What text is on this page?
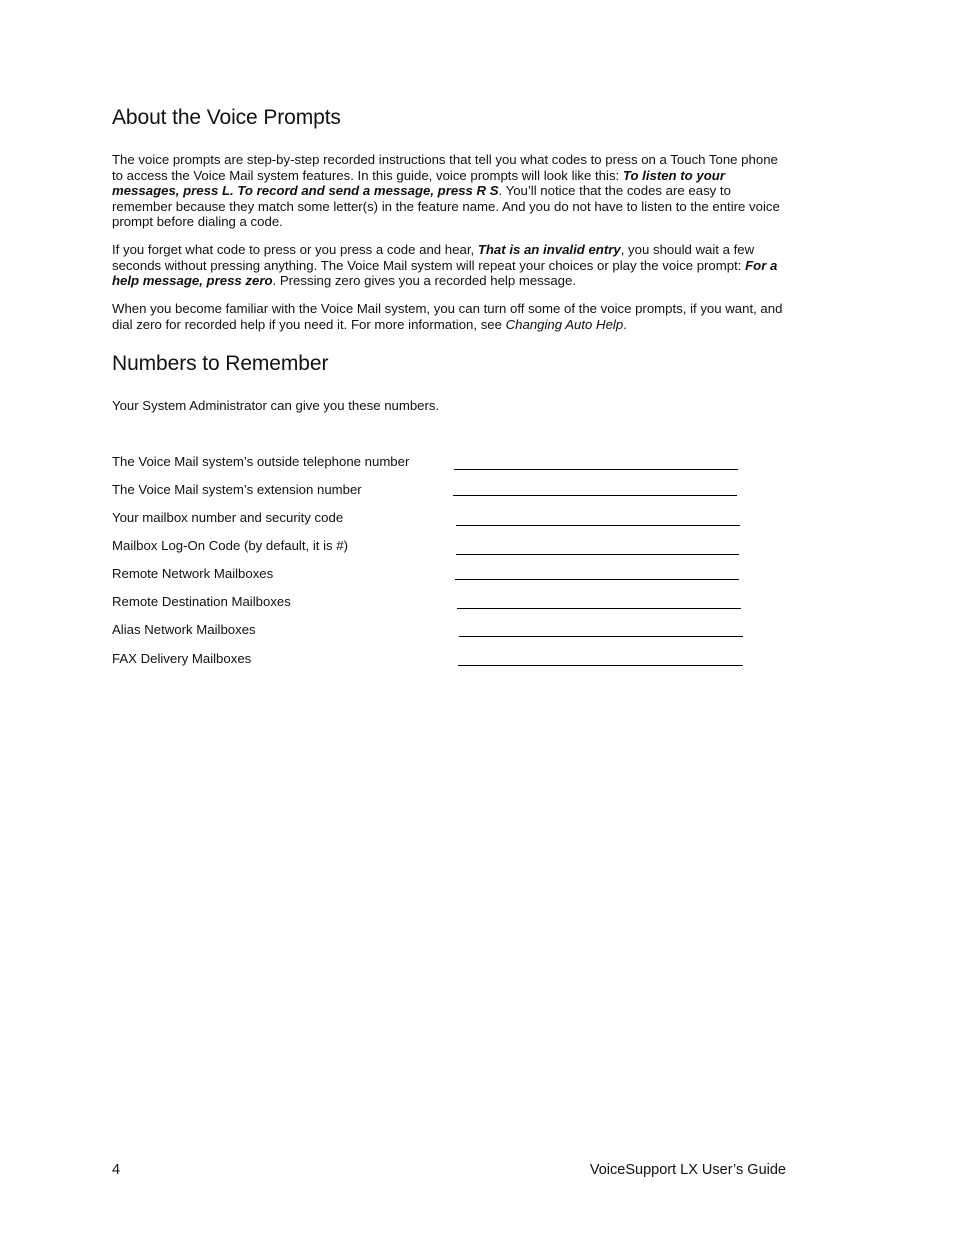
About the Voice Prompts

The voice prompts are step-by-step recorded instructions that tell you what codes to press on a Touch Tone phone to access the Voice Mail system features. In this guide, voice prompts will look like this: To listen to your messages, press L. To record and send a message, press R S. You’ll notice that the codes are easy to remember because they match some letter(s) in the feature name. And you do not have to listen to the entire voice prompt before dialing a code.

If you forget what code to press or you press a code and hear, That is an invalid entry, you should wait a few seconds without pressing anything. The Voice Mail system will repeat your choices or play the voice prompt: For a help message, press zero. Pressing zero gives you a recorded help message.

When you become familiar with the Voice Mail system, you can turn off some of the voice prompts, if you want, and dial zero for recorded help if you need it. For more information, see Changing Auto Help.

Numbers to Remember

Your System Administrator can give you these numbers.

The Voice Mail system’s outside telephone number
The Voice Mail system’s extension number
Your mailbox number and security code
Mailbox Log-On Code (by default, it is #)
Remote Network Mailboxes
Remote Destination Mailboxes
Alias Network Mailboxes
FAX Delivery Mailboxes
4	VoiceSupport LX User’s Guide
